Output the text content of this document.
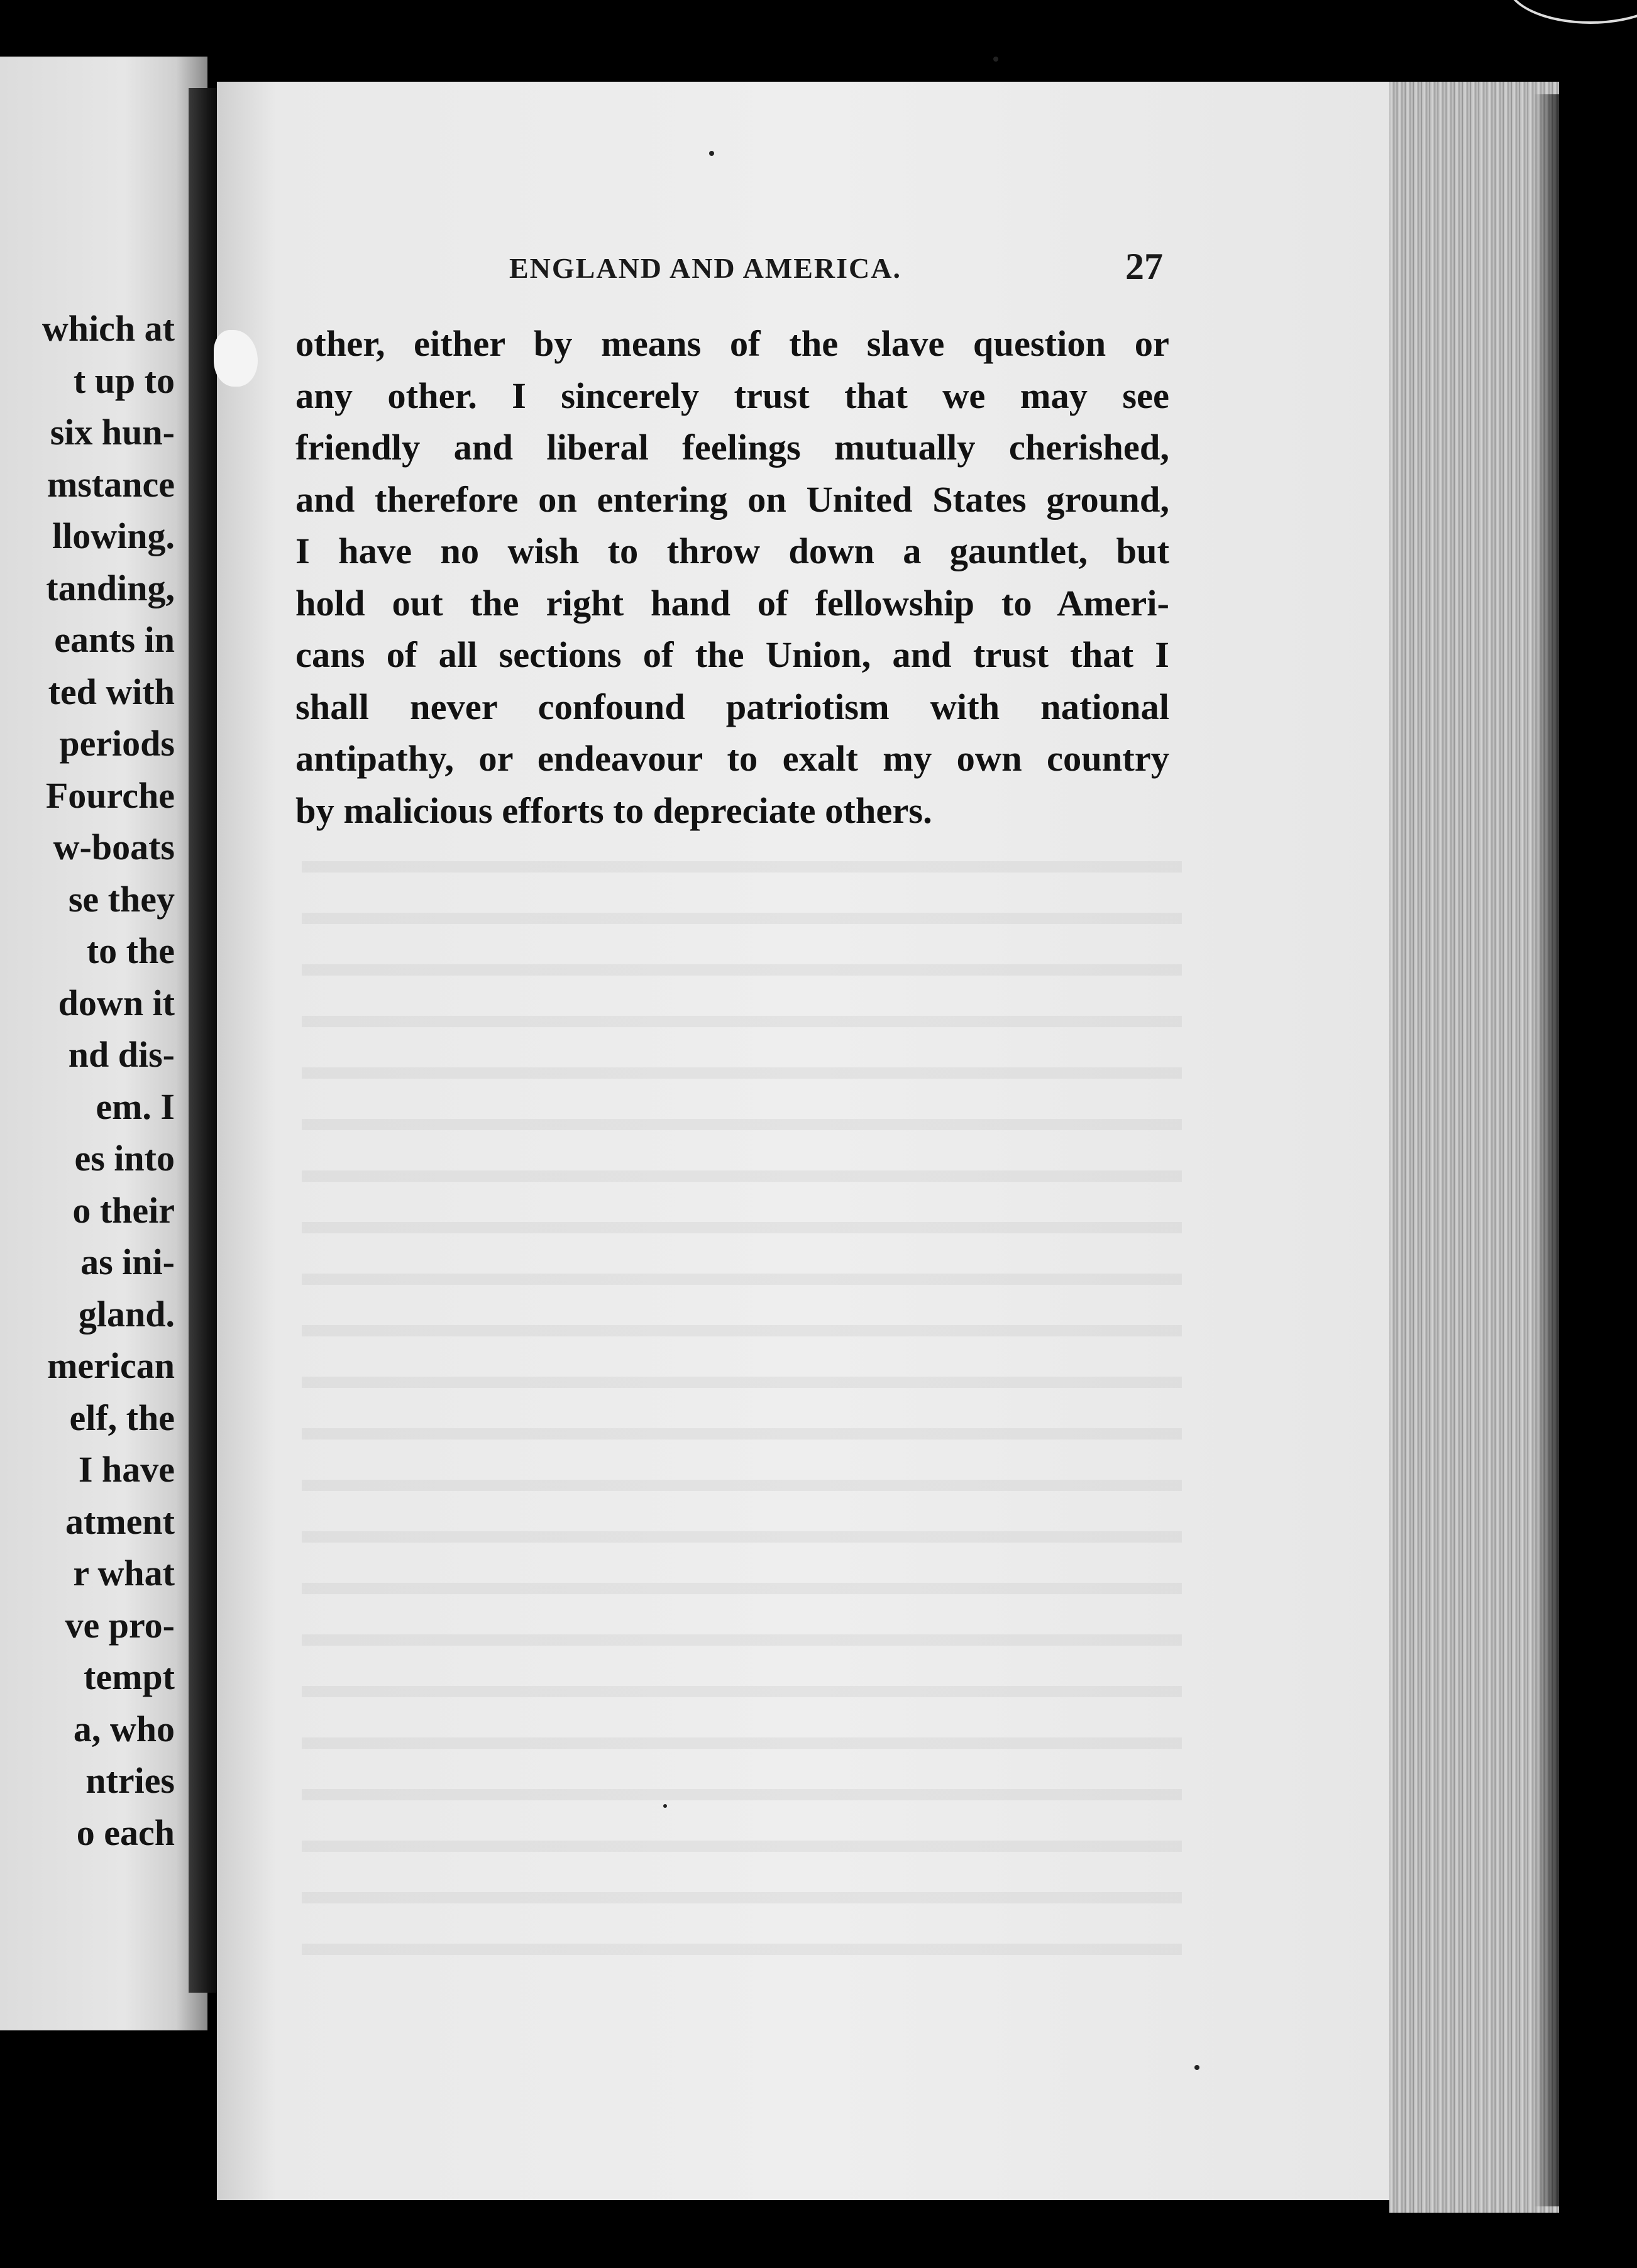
which at
t up to
six hun-
mstance
llowing.
tanding,
eants in
ted with
periods
Fourche
w-boats
se they
to the
down it
nd dis-
em. I
es into
o their
as ini-
gland.
merican
elf, the
I have
atment
r what
ve pro-
tempt
a, who
ntries
o each
ENGLAND AND AMERICA.	27
other, either by means of the slave question or
any other. I sincerely trust that we may see
friendly and liberal feelings mutually cherished,
and therefore on entering on United States ground,
I have no wish to throw down a gauntlet, but
hold out the right hand of fellowship to Ameri-
cans of all sections of the Union, and trust that I
shall never confound patriotism with national
antipathy, or endeavour to exalt my own country
by malicious efforts to depreciate others.
